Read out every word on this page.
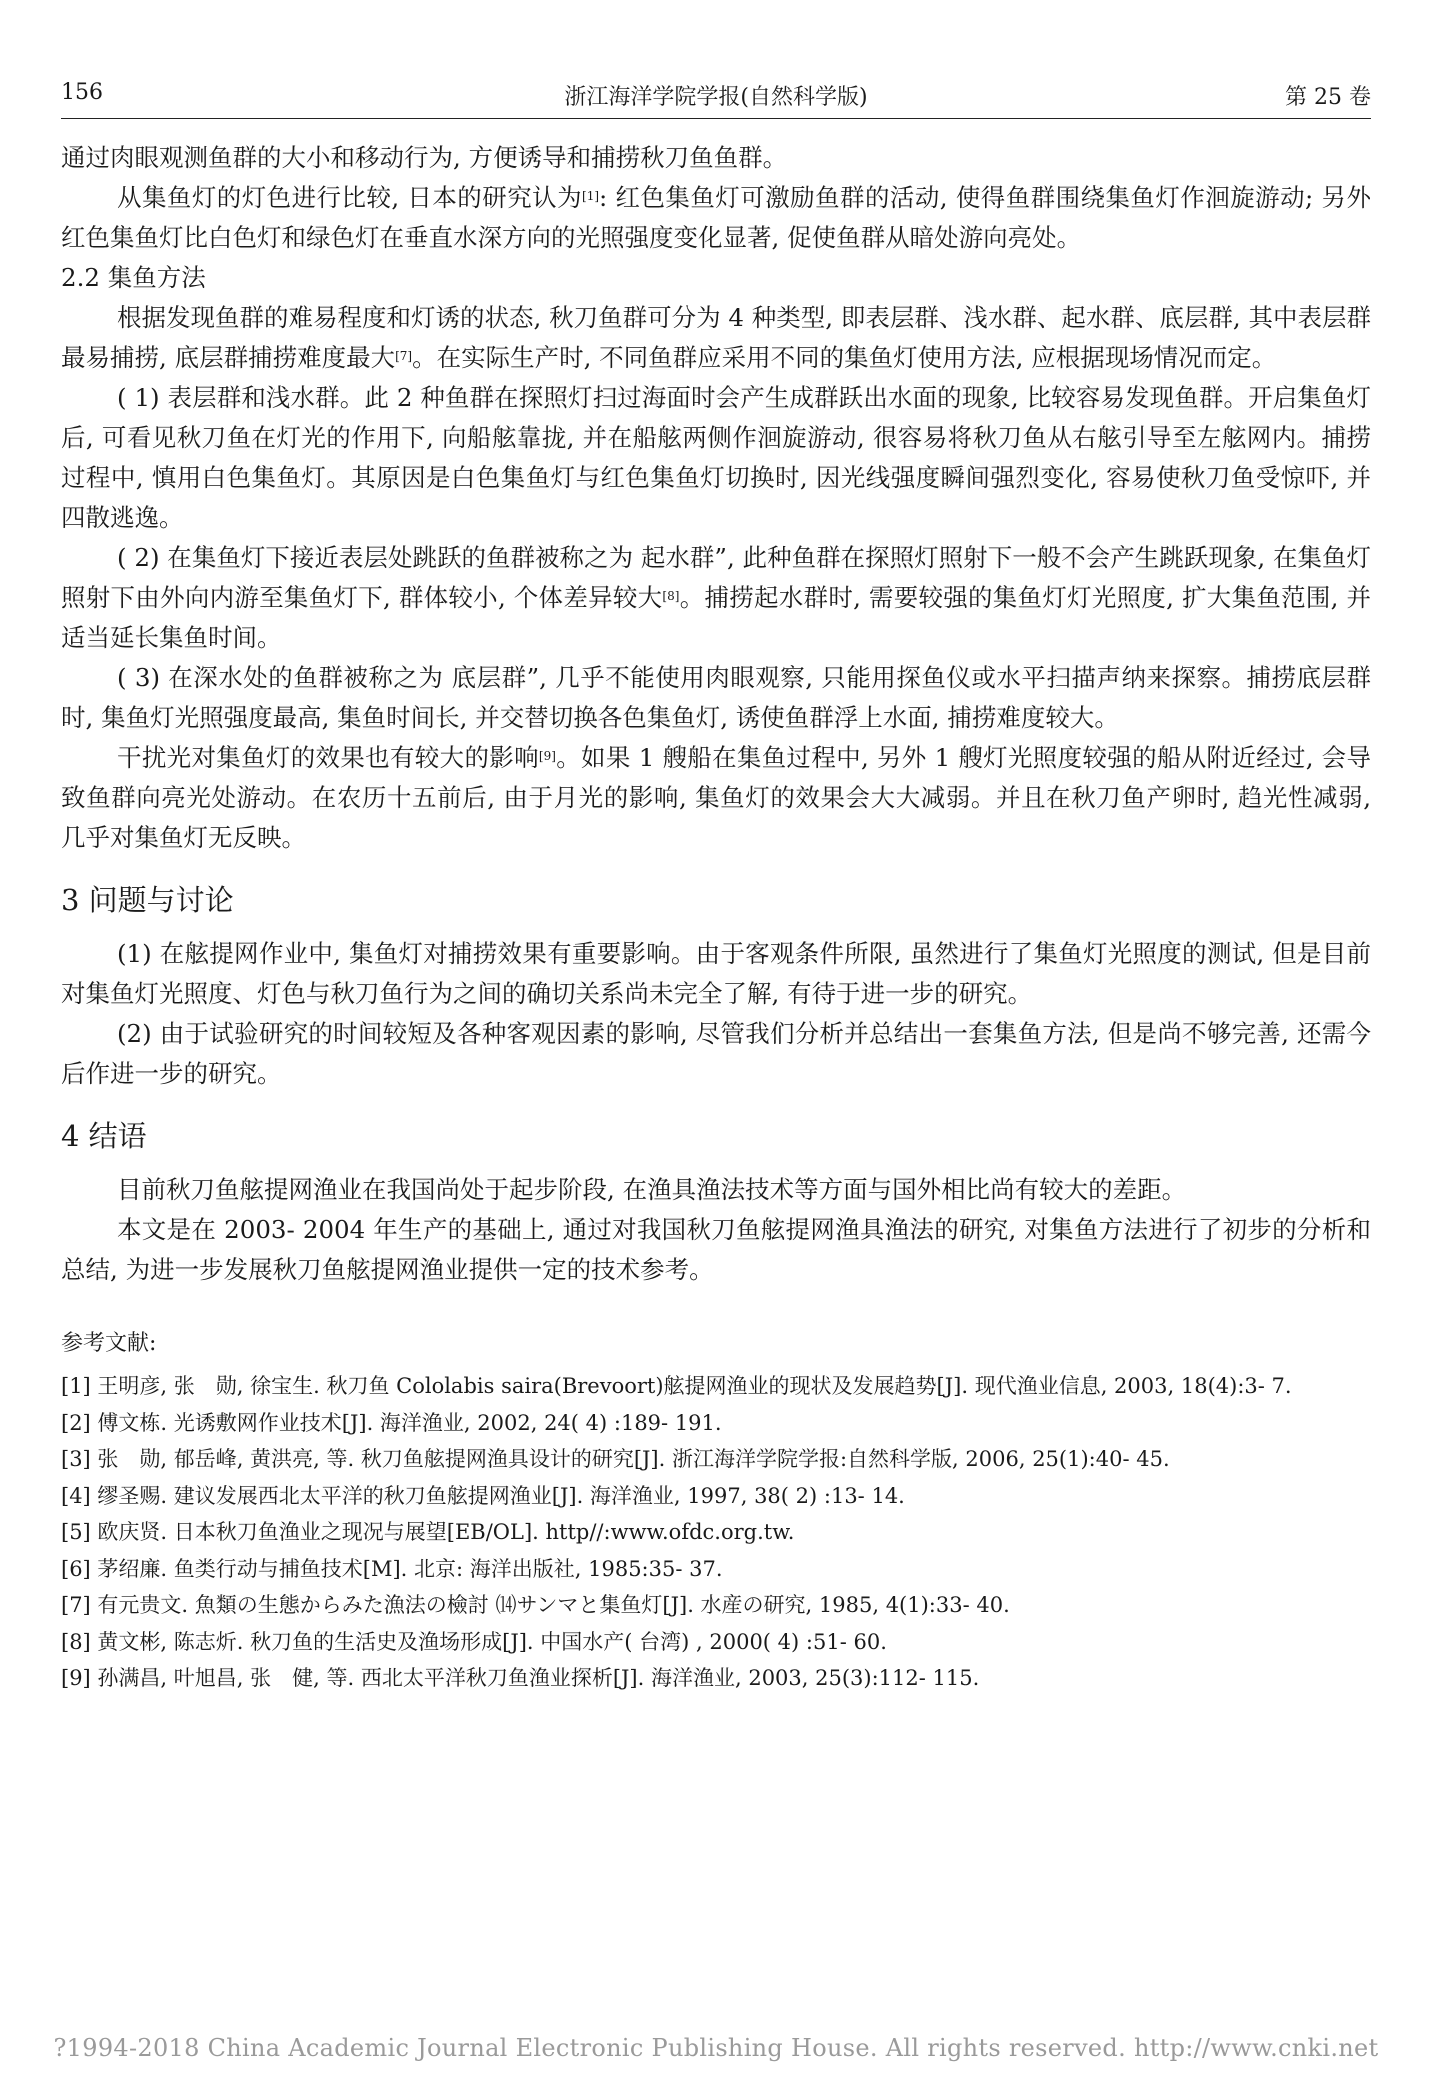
156	浙江海洋学院学报(自然科学版)	第 25 卷

通过肉眼观测鱼群的大小和移动行为, 方便诱导和捕捞秋刀鱼鱼群。

从集鱼灯的灯色进行比较, 日本的研究认为[1]: 红色集鱼灯可激励鱼群的活动, 使得鱼群围绕集鱼灯作洄旋游动; 另外红色集鱼灯比白色灯和绿色灯在垂直水深方向的光照强度变化显著, 促使鱼群从暗处游向亮处。

2.2 集鱼方法

根据发现鱼群的难易程度和灯诱的状态, 秋刀鱼群可分为 4 种类型, 即表层群、浅水群、起水群、底层群, 其中表层群最易捕捞, 底层群捕捞难度最大[7]。在实际生产时, 不同鱼群应采用不同的集鱼灯使用方法, 应根据现场情况而定。

( 1) 表层群和浅水群。此 2 种鱼群在探照灯扫过海面时会产生成群跃出水面的现象, 比较容易发现鱼群。开启集鱼灯后, 可看见秋刀鱼在灯光的作用下, 向船舷靠拢, 并在船舷两侧作洄旋游动, 很容易将秋刀鱼从右舷引导至左舷网内。捕捞过程中, 慎用白色集鱼灯。其原因是白色集鱼灯与红色集鱼灯切换时, 因光线强度瞬间强烈变化, 容易使秋刀鱼受惊吓, 并四散逃逸。

( 2) 在集鱼灯下接近表层处跳跃的鱼群被称之为 起水群”, 此种鱼群在探照灯照射下一般不会产生跳跃现象, 在集鱼灯照射下由外向内游至集鱼灯下, 群体较小, 个体差异较大[8]。捕捞起水群时, 需要较强的集鱼灯灯光照度, 扩大集鱼范围, 并适当延长集鱼时间。

( 3) 在深水处的鱼群被称之为 底层群”, 几乎不能使用肉眼观察, 只能用探鱼仪或水平扫描声纳来探察。捕捞底层群时, 集鱼灯光照强度最高, 集鱼时间长, 并交替切换各色集鱼灯, 诱使鱼群浮上水面, 捕捞难度较大。

干扰光对集鱼灯的效果也有较大的影响[9]。如果 1 艘船在集鱼过程中, 另外 1 艘灯光照度较强的船从附近经过, 会导致鱼群向亮光处游动。在农历十五前后, 由于月光的影响, 集鱼灯的效果会大大减弱。并且在秋刀鱼产卵时, 趋光性减弱, 几乎对集鱼灯无反映。

3 问题与讨论

(1) 在舷提网作业中, 集鱼灯对捕捞效果有重要影响。由于客观条件所限, 虽然进行了集鱼灯光照度的测试, 但是目前对集鱼灯光照度、灯色与秋刀鱼行为之间的确切关系尚未完全了解, 有待于进一步的研究。

(2) 由于试验研究的时间较短及各种客观因素的影响, 尽管我们分析并总结出一套集鱼方法, 但是尚不够完善, 还需今后作进一步的研究。

4 结语

目前秋刀鱼舷提网渔业在我国尚处于起步阶段, 在渔具渔法技术等方面与国外相比尚有较大的差距。

本文是在 2003- 2004 年生产的基础上, 通过对我国秋刀鱼舷提网渔具渔法的研究, 对集鱼方法进行了初步的分析和总结, 为进一步发展秋刀鱼舷提网渔业提供一定的技术参考。

参考文献:

[1] 王明彦, 张　勋, 徐宝生. 秋刀鱼 Cololabis saira(Brevoort)舷提网渔业的现状及发展趋势[J]. 现代渔业信息, 2003, 18(4):3- 7.

[2] 傅文栋. 光诱敷网作业技术[J]. 海洋渔业, 2002, 24( 4) :189- 191.

[3] 张　勋, 郁岳峰, 黄洪亮, 等. 秋刀鱼舷提网渔具设计的研究[J]. 浙江海洋学院学报:自然科学版, 2006, 25(1):40- 45.

[4] 缪圣赐. 建议发展西北太平洋的秋刀鱼舷提网渔业[J]. 海洋渔业, 1997, 38( 2) :13- 14.

[5] 欧庆贤. 日本秋刀鱼渔业之现况与展望[EB/OL]. http//:www.ofdc.org.tw.

[6] 茅绍廉. 鱼类行动与捕鱼技术[M]. 北京: 海洋出版社, 1985:35- 37.

[7] 有元贵文. 魚類の生態からみた漁法の檢討 ⒁サンマと集鱼灯[J]. 水産の研究, 1985, 4(1):33- 40.

[8] 黄文彬, 陈志炘. 秋刀鱼的生活史及渔场形成[J]. 中国水产( 台湾) , 2000( 4) :51- 60.

[9] 孙满昌, 叶旭昌, 张　健, 等. 西北太平洋秋刀鱼渔业探析[J]. 海洋渔业, 2003, 25(3):112- 115.

?1994-2018 China Academic Journal Electronic Publishing House. All rights reserved. http://www.cnki.net
